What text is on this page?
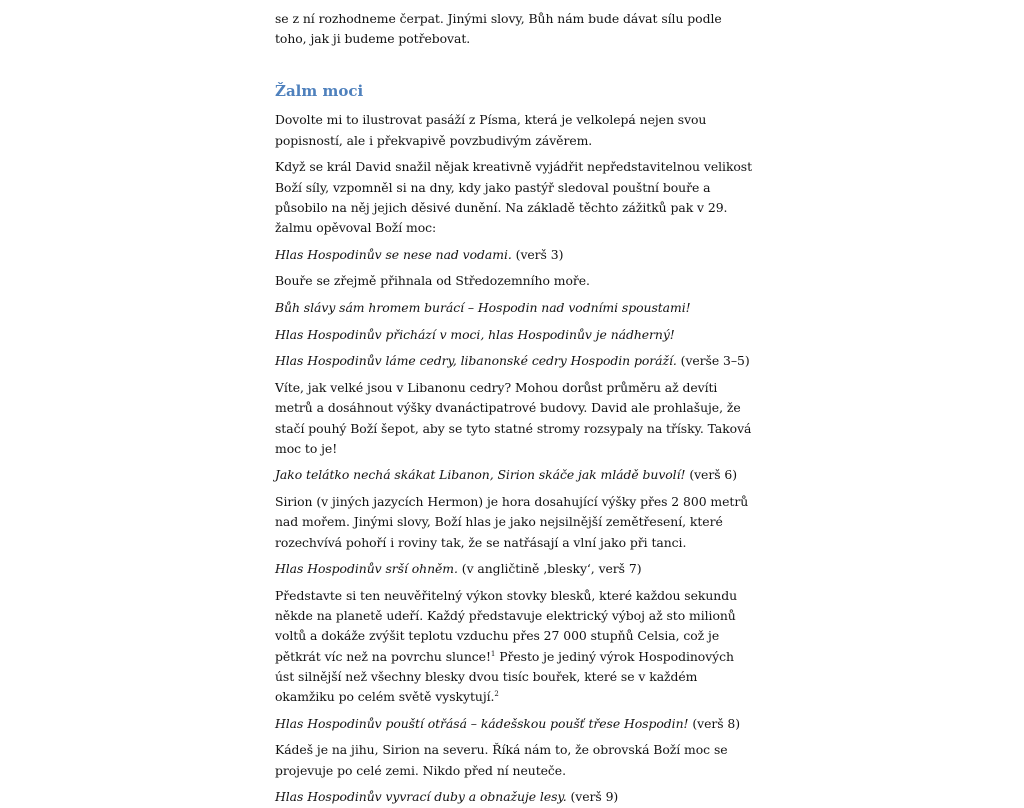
se z ní rozhodneme čerpat. Jinými slovy, Bůh nám bude dávat sílu podle toho, jak ji budeme potřebovat.

Žalm moci

Dovolte mi to ilustrovat pasáží z Písma, která je velkolepá nejen svou popisností, ale i překvapivě povzbudivým závěrem.

Když se král David snažil nějak kreativně vyjádřit nepředstavitelnou velikost Boží síly, vzpomněl si na dny, kdy jako pastýř sledoval pouštní bouře a působilo na něj jejich děsivé dunění. Na základě těchto zážitků pak v 29. žalmu opěvoval Boží moc:

Hlas Hospodinův se nese nad vodami. (verš 3)

Bouře se zřejmě přihnala od Středozemního moře.

Bůh slávy sám hromem burácí – Hospodin nad vodními spoustami!

Hlas Hospodinův přichází v moci, hlas Hospodinův je nádherný!

Hlas Hospodinův láme cedry, libanonské cedry Hospodin poráží. (verše 3–5)

Víte, jak velké jsou v Libanonu cedry? Mohou dorůst průměru až devíti metrů a dosáhnout výšky dvanáctipatrové budovy. David ale prohlašuje, že stačí pouhý Boží šepot, aby se tyto statné stromy rozsypaly na třísky. Taková moc to je!

Jako telátko nechá skákat Libanon, Sirion skáče jak mládě buvolí! (verš 6)

Sirion (v jiných jazycích Hermon) je hora dosahující výšky přes 2 800 metrů nad mořem. Jinými slovy, Boží hlas je jako nejsilnější zemětřesení, které rozechvívá pohoří i roviny tak, že se natřásají a vlní jako při tanci.

Hlas Hospodinův srší ohněm. (v angličtině ‚blesky‘, verš 7)

Představte si ten neuvěřitelný výkon stovky blesků, které každou sekundu někde na planetě udeří. Každý představuje elektrický výboj až sto milionů voltů a dokáže zvýšit teplotu vzduchu přes 27 000 stupňů Celsia, což je pětkrát víc než na povrchu slunce!$^1$ Přesto je jediný výrok Hospodinových úst silnější než všechny blesky dvou tisíc bouřek, které se v každém okamžiku po celém světě vyskytují.$^2$

Hlas Hospodinův pouští otřásá – kádešskou poušť třese Hospodin! (verš 8)

Kádeš je na jihu, Sirion na severu. Říká nám to, že obrovská Boží moc se projevuje po celé zemi. Nikdo před ní neuteče.

Hlas Hospodinův vyvrací duby a obnažuje lesy. (verš 9)
